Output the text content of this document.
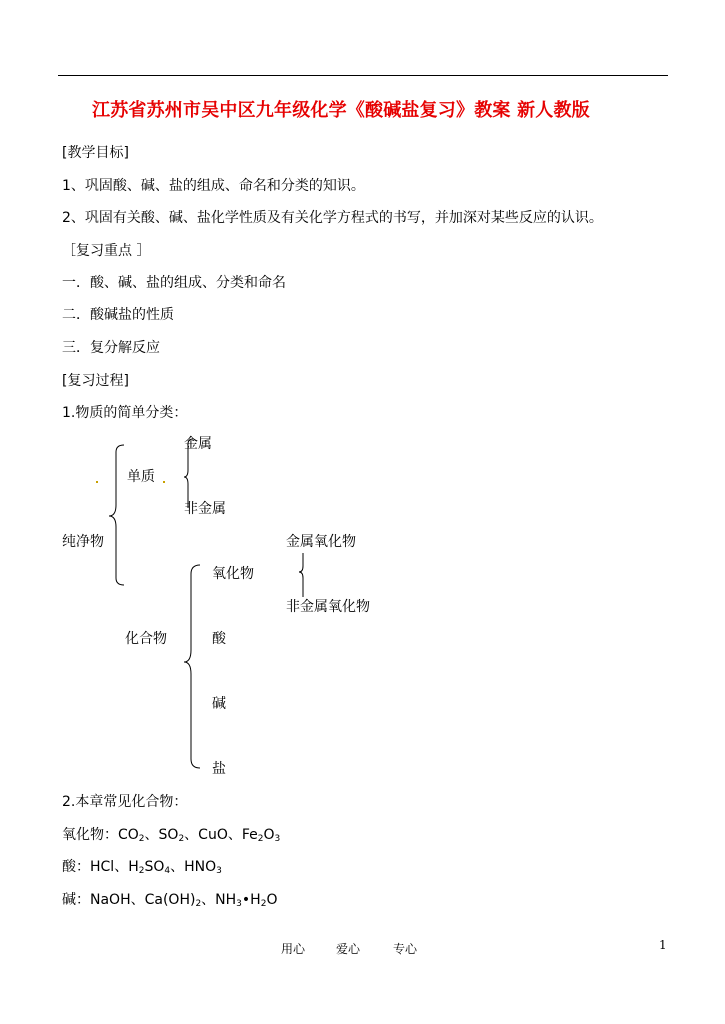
江苏省苏州市吴中区九年级化学《酸碱盐复习》教案 新人教版
[教学目标]
1、巩固酸、碱、盐的组成、命名和分类的知识。
2、巩固有关酸、碱、盐化学性质及有关化学方程式的书写，并加深对某些反应的认识。
［复习重点 ］
一．酸、碱、盐的组成、分类和命名
二．酸碱盐的性质
三．复分解反应
[复习过程]
1.物质的简单分类：
金属
单质
非金属
纯净物	金属氧化物
氧化物
非金属氧化物
化合物	酸
碱
盐
2.本章常见化合物：
氧化物：$CO_2$、$SO_2$、CuO、$Fe_2O_3$
酸：HCl、$H_2SO_4$、$HNO_3$
碱：NaOH、$Ca(OH)_2$、$NH_3•H_2O$
用心	爱心	专心	1
